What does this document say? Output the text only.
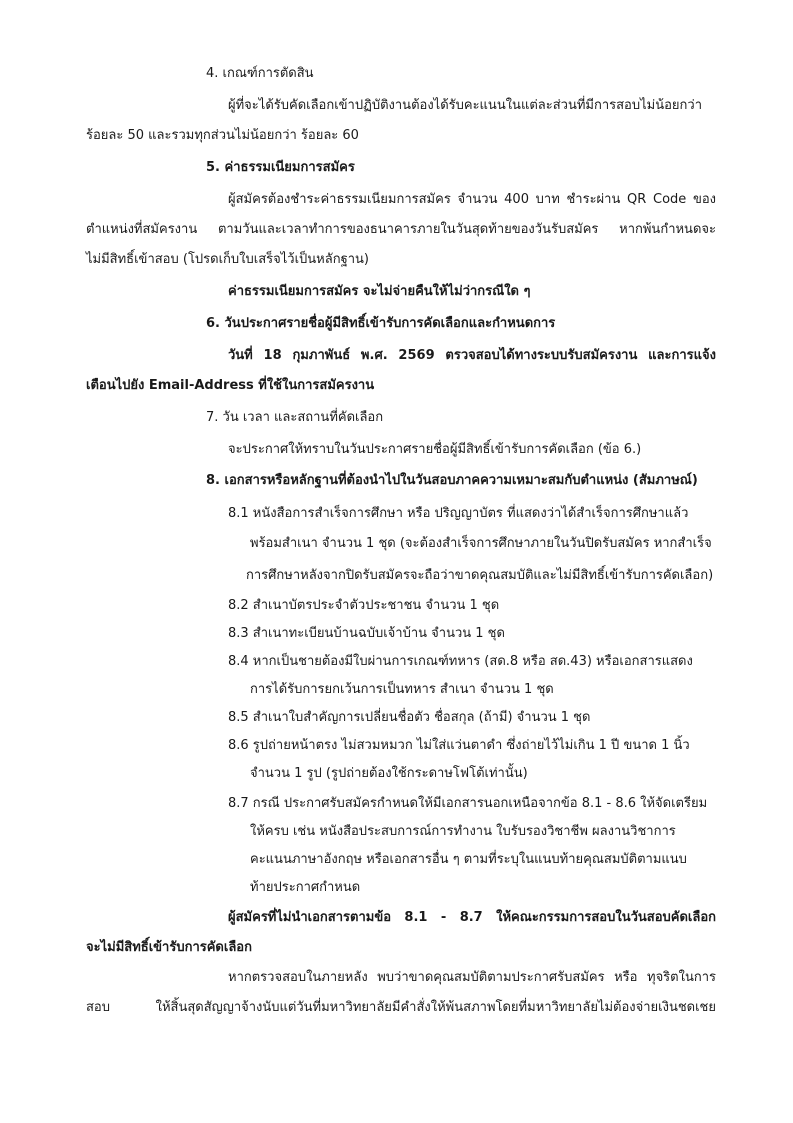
4. เกณฑ์การตัดสิน

ผู้ที่จะได้รับคัดเลือกเข้าปฏิบัติงานต้องได้รับคะแนนในแต่ละส่วนที่มีการสอบไม่น้อยกว่า

ร้อยละ 50 และรวมทุกส่วนไม่น้อยกว่า ร้อยละ 60

5. ค่าธรรมเนียมการสมัคร

ผู้สมัครต้องชำระค่าธรรมเนียมการสมัคร จำนวน 400 บาท ชำระผ่าน QR Code ของ

ตำแหน่งที่สมัครงาน ตามวันและเวลาทำการของธนาคารภายในวันสุดท้ายของวันรับสมัคร หากพ้นกำหนดจะ

ไม่มีสิทธิ์เข้าสอบ (โปรดเก็บใบเสร็จไว้เป็นหลักฐาน)

ค่าธรรมเนียมการสมัคร จะไม่จ่ายคืนให้ไม่ว่ากรณีใด ๆ

6. วันประกาศรายชื่อผู้มีสิทธิ์เข้ารับการคัดเลือกและกำหนดการ

วันที่ 18 กุมภาพันธ์ พ.ศ. 2569 ตรวจสอบได้ทางระบบรับสมัครงาน และการแจ้ง

เตือนไปยัง Email-Address ที่ใช้ในการสมัครงาน

7. วัน เวลา และสถานที่คัดเลือก

จะประกาศให้ทราบในวันประกาศรายชื่อผู้มีสิทธิ์เข้ารับการคัดเลือก (ข้อ 6.)

8. เอกสารหรือหลักฐานที่ต้องนำไปในวันสอบภาคความเหมาะสมกับตำแหน่ง (สัมภาษณ์)

8.1 หนังสือการสำเร็จการศึกษา หรือ ปริญญาบัตร ที่แสดงว่าได้สำเร็จการศึกษาแล้ว

พร้อมสำเนา จำนวน 1 ชุด (จะต้องสำเร็จการศึกษาภายในวันปิดรับสมัคร หากสำเร็จ

การศึกษาหลังจากปิดรับสมัครจะถือว่าขาดคุณสมบัติและไม่มีสิทธิ์เข้ารับการคัดเลือก)

8.2 สำเนาบัตรประจำตัวประชาชน จำนวน 1 ชุด

8.3 สำเนาทะเบียนบ้านฉบับเจ้าบ้าน จำนวน 1 ชุด

8.4 หากเป็นชายต้องมีใบผ่านการเกณฑ์ทหาร (สด.8 หรือ สด.43) หรือเอกสารแสดง

การได้รับการยกเว้นการเป็นทหาร สำเนา จำนวน 1 ชุด

8.5 สำเนาใบสำคัญการเปลี่ยนชื่อตัว ชื่อสกุล (ถ้ามี) จำนวน 1 ชุด

8.6 รูปถ่ายหน้าตรง ไม่สวมหมวก ไม่ใส่แว่นตาดำ ซึ่งถ่ายไว้ไม่เกิน 1 ปี ขนาด 1 นิ้ว

จำนวน 1 รูป (รูปถ่ายต้องใช้กระดาษโฟโต้เท่านั้น)

8.7 กรณี ประกาศรับสมัครกำหนดให้มีเอกสารนอกเหนือจากข้อ 8.1 - 8.6 ให้จัดเตรียม

ให้ครบ เช่น หนังสือประสบการณ์การทำงาน ใบรับรองวิชาชีพ ผลงานวิชาการ

คะแนนภาษาอังกฤษ หรือเอกสารอื่น ๆ ตามที่ระบุในแนบท้ายคุณสมบัติตามแนบ

ท้ายประกาศกำหนด

ผู้สมัครที่ไม่นำเอกสารตามข้อ 8.1 - 8.7 ให้คณะกรรมการสอบในวันสอบคัดเลือก

จะไม่มีสิทธิ์เข้ารับการคัดเลือก

หากตรวจสอบในภายหลัง พบว่าขาดคุณสมบัติตามประกาศรับสมัคร หรือ ทุจริตในการ

สอบ ให้สิ้นสุดสัญญาจ้างนับแต่วันที่มหาวิทยาลัยมีคำสั่งให้พ้นสภาพโดยที่มหาวิทยาลัยไม่ต้องจ่ายเงินชดเชย
